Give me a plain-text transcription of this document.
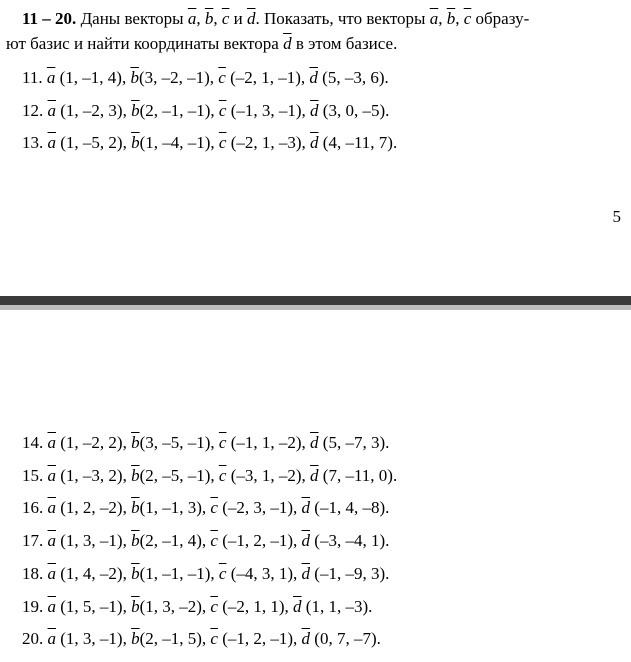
11 – 20. Даны векторы $\overline{a}$, $\overline{b}$, $\overline{c}$ и $\overline{d}$. Показать, что векторы $\overline{a}$, $\overline{b}$, $\overline{c}$ образу-
ют базис и найти координаты вектора $\overline{d}$ в этом базисе.
11. $\overline{a}$ (1, –1, 4), $\overline{b}(3$, –2, –1), $\overline{c}$ (–2, 1, –1), $\overline{d}$ (5, –3, 6).
12. $\overline{a}$ (1, –2, 3), $\overline{b}(2$, –1, –1), $\overline{c}$ (–1, 3, –1), $\overline{d}$ (3, 0, –5).
13. $\overline{a}$ (1, –5, 2), $\overline{b}(1$, –4, –1), $\overline{c}$ (–2, 1, –3), $\overline{d}$ (4, –11, 7).
5
14. $\overline{a}$ (1, –2, 2), $\overline{b}(3$, –5, –1), $\overline{c}$ (–1, 1, –2), $\overline{d}$ (5, –7, 3).
15. $\overline{a}$ (1, –3, 2), $\overline{b}(2$, –5, –1), $\overline{c}$ (–3, 1, –2), $\overline{d}$ (7, –11, 0).
16. $\overline{a}$ (1, 2, –2), $\overline{b}(1$, –1, 3), $\overline{c}$ (–2, 3, –1), $\overline{d}$ (–1, 4, –8).
17. $\overline{a}$ (1, 3, –1), $\overline{b}(2$, –1, 4), $\overline{c}$ (–1, 2, –1), $\overline{d}$ (–3, –4, 1).
18. $\overline{a}$ (1, 4, –2), $\overline{b}(1$, –1, –1), $\overline{c}$ (–4, 3, 1), $\overline{d}$ (–1, –9, 3).
19. $\overline{a}$ (1, 5, –1), $\overline{b}(1$, 3, –2), $\overline{c}$ (–2, 1, 1), $\overline{d}$ (1, 1, –3).
20. $\overline{a}$ (1, 3, –1), $\overline{b}(2$, –1, 5), $\overline{c}$ (–1, 2, –1), $\overline{d}$ (0, 7, –7).
